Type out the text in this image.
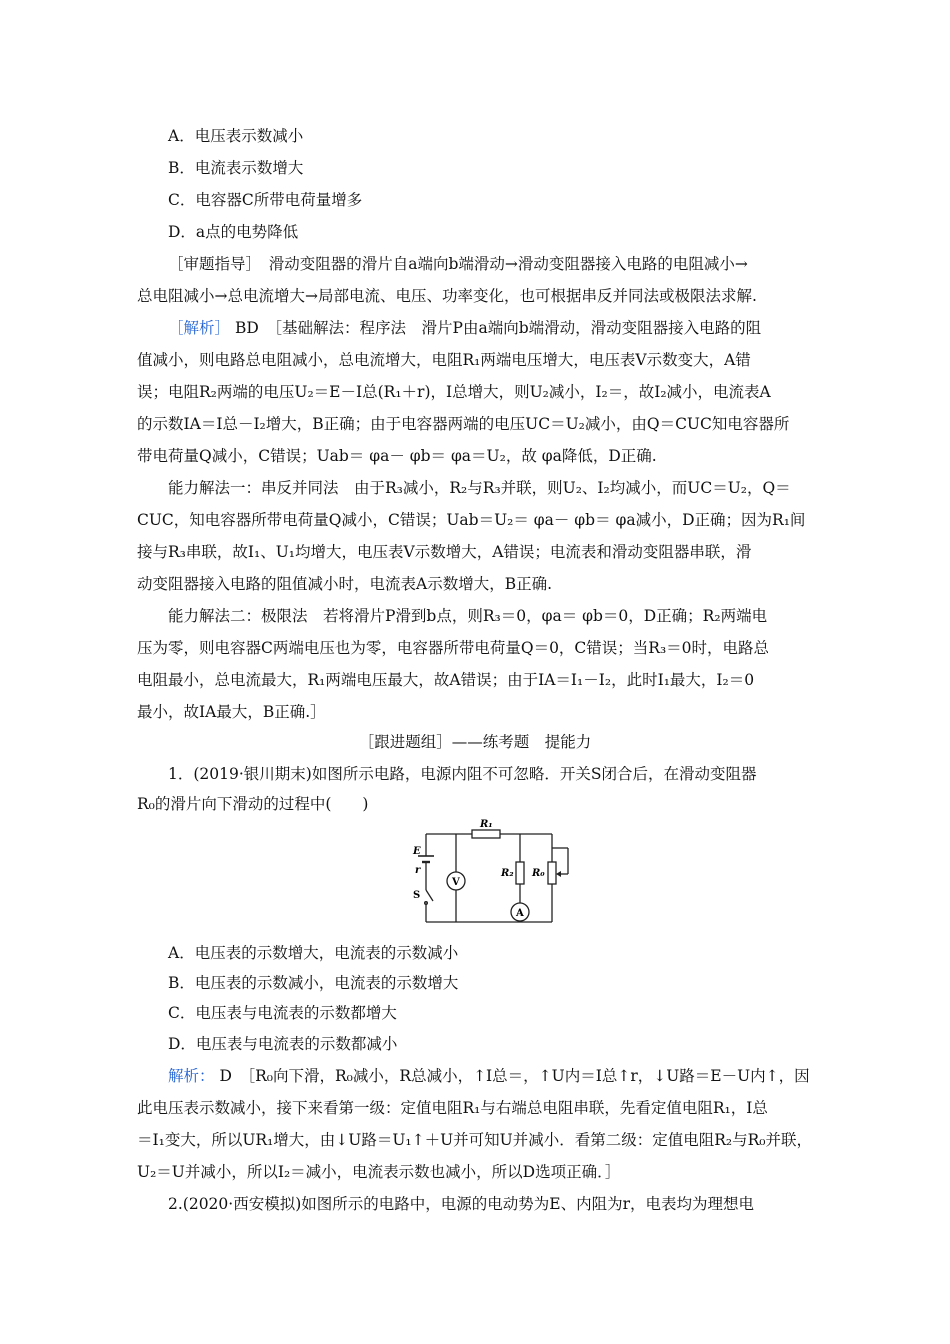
A．电压表示数减小
B．电流表示数增大
C．电容器C所带电荷量增多
D．a点的电势降低
［审题指导］　滑动变阻器的滑片自a端向b端滑动→滑动变阻器接入电路的电阻减小→
总电阻减小→总电流增大→局部电流、电压、功率变化，也可根据串反并同法或极限法求解.
［解析］ BD　［基础解法：程序法　滑片P由a端向b端滑动，滑动变阻器接入电路的阻
值减小，则电路总电阻减小，总电流增大，电阻R₁两端电压增大，电压表V示数变大，A错
误；电阻R₂两端的电压U₂＝E－I总(R₁＋r)，I总增大，则U₂减小，I₂＝，故I₂减小，电流表A
的示数IA＝I总－I₂增大，B正确；由于电容器两端的电压UC＝U₂减小，由Q＝CUC知电容器所
带电荷量Q减小，C错误；Uab＝ φa－ φb＝ φa＝U₂，故 φa降低，D正确.
能力解法一：串反并同法　由于R₃减小，R₂与R₃并联，则U₂、I₂均减小，而UC＝U₂，Q＝
CUC，知电容器所带电荷量Q减小，C错误；Uab＝U₂＝ φa－ φb＝ φa减小，D正确；因为R₁间
接与R₃串联，故I₁、U₁均增大，电压表V示数增大，A错误；电流表和滑动变阻器串联，滑
动变阻器接入电路的阻值减小时，电流表A示数增大，B正确.
能力解法二：极限法　若将滑片P滑到b点，则R₃＝0，φa＝ φb＝0，D正确；R₂两端电
压为零，则电容器C两端电压也为零，电容器所带电荷量Q＝0，C错误；当R₃＝0时，电路总
电阻最小，总电流最大，R₁两端电压最大，故A错误；由于IA＝I₁－I₂，此时I₁最大，I₂＝0
最小，故IA最大，B正确.］
［跟进题组］——练考题　提能力
1．(2019·银川期末)如图所示电路，电源内阻不可忽略．开关S闭合后，在滑动变阻器
R₀的滑片向下滑动的过程中(　　)
E
r
S
V
A
R₁
R₂ R₀
A．电压表的示数增大，电流表的示数减小
B．电压表的示数减小，电流表的示数增大
C．电压表与电流表的示数都增大
D．电压表与电流表的示数都减小
解析： D　［R₀向下滑，R₀减小，R总减小，↑I总＝，↑U内＝I总↑r，↓U路＝E－U内↑，因
此电压表示数减小，接下来看第一级：定值电阻R₁与右端总电阻串联，先看定值电阻R₁，I总
＝I₁变大，所以UR₁增大，由↓U路＝U₁↑＋U并可知U并减小．看第二级：定值电阻R₂与R₀并联，
U₂＝U并减小，所以I₂＝减小，电流表示数也减小，所以D选项正确．］
2.(2020·西安模拟)如图所示的电路中，电源的电动势为E、内阻为r，电表均为理想电
